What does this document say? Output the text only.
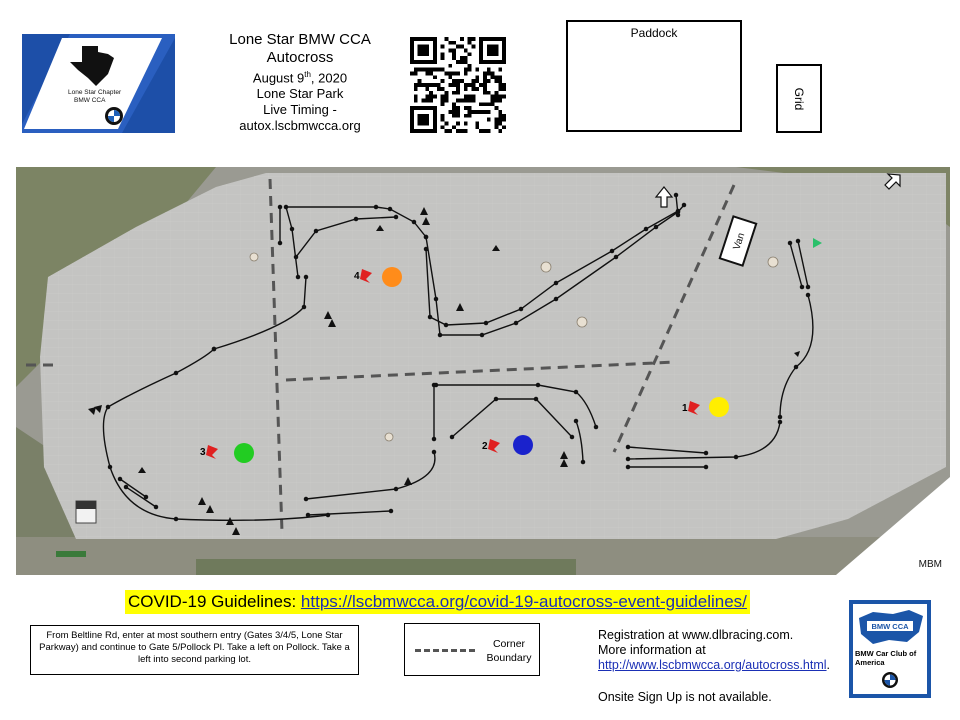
Lone Star Chapter
BMW CCA
Lone Star BMW CCA
Autocross
August 9th, 2020
Lone Star Park
Live Timing -
autox.lscbmwcca.org
Paddock
Grid
Van
1
2
3
4
MBM
COVID-19 Guidelines: https://lscbmwcca.org/covid-19-autocross-event-guidelines/
From Beltline Rd, enter at most southern entry (Gates 3/4/5, Lone Star Parkway) and continue to Gate 5/Pollock Pl. Take a left on Pollock. Take a left into second parking lot.
Corner Boundary
Registration at www.dlbracing.com.
More information at
http://www.lscbmwcca.org/autocross.html.
Onsite Sign Up is not available.
BMW CCA
BMW Car Club of America
